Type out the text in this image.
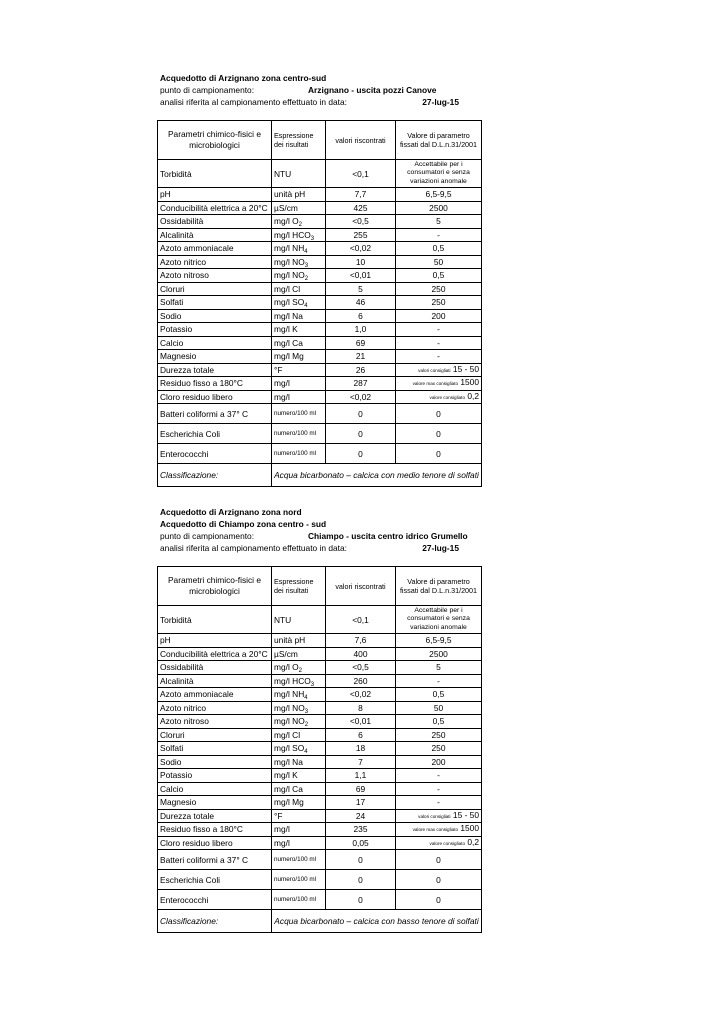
Acquedotto di Arzignano zona centro-sud
punto di campionamento:	Arzignano - uscita pozzi Canove
analisi riferita al campionamento effettuato in data:	27-lug-15
Parametri chimico-fisici e microbiologici	Espressione dei risultati	valori riscontrati	Valore di parametro fissati dal D.L.n.31/2001
Torbidità	NTU	<0,1	Accettabile per i consumatori e senza variazioni anomale
pH	unità pH	7,7	6,5-9,5
Conducibilità elettrica a 20°C	µS/cm	425	2500
Ossidabilità	mg/l $O_2$	<0,5	5
Alcalinità	mg/l $HCO_3$	255	-
Azoto ammoniacale	mg/l $NH_4$	<0,02	0,5
Azoto nitrico	mg/l $NO_3$	10	50
Azoto nitroso	mg/l $NO_2$	<0,01	0,5
Cloruri	mg/l Cl	5	250
Solfati	mg/l $SO_4$	46	250
Sodio	mg/l Na	6	200
Potassio	mg/l K	1,0	-
Calcio	mg/l Ca	69	-
Magnesio	mg/l Mg	21	-
Durezza totale	°F	26	valori consigliati 15 - 50
Residuo fisso a 180°C	mg/l	287	valore max consigliato 1500
Cloro residuo libero	mg/l	<0,02	valore consigliato 0,2
Batteri coliformi a 37° C	numero/100 ml	0	0
Escherichia Coli	numero/100 ml	0	0
Enterococchi	numero/100 ml	0	0
Classificazione:	Acqua bicarbonato – calcica con medio tenore di solfati		
Acquedotto di Arzignano zona nord
Acquedotto di Chiampo zona centro - sud
punto di campionamento:	Chiampo - uscita centro idrico Grumello
analisi riferita al campionamento effettuato in data:	27-lug-15
Parametri chimico-fisici e microbiologici	Espressione dei risultati	valori riscontrati	Valore di parametro fissati dal D.L.n.31/2001
Torbidità	NTU	<0,1	Accettabile per i consumatori e senza variazioni anomale
pH	unità pH	7,6	6,5-9,5
Conducibilità elettrica a 20°C	µS/cm	400	2500
Ossidabilità	mg/l $O_2$	<0,5	5
Alcalinità	mg/l $HCO_3$	260	-
Azoto ammoniacale	mg/l $NH_4$	<0,02	0,5
Azoto nitrico	mg/l $NO_3$	8	50
Azoto nitroso	mg/l $NO_2$	<0,01	0,5
Cloruri	mg/l Cl	6	250
Solfati	mg/l $SO_4$	18	250
Sodio	mg/l Na	7	200
Potassio	mg/l K	1,1	-
Calcio	mg/l Ca	69	-
Magnesio	mg/l Mg	17	-
Durezza totale	°F	24	valori consigliati 15 - 50
Residuo fisso a 180°C	mg/l	235	valore max consigliato 1500
Cloro residuo libero	mg/l	0,05	valore consigliato 0,2
Batteri coliformi a 37° C	numero/100 ml	0	0
Escherichia Coli	numero/100 ml	0	0
Enterococchi	numero/100 ml	0	0
Classificazione:	Acqua bicarbonato – calcica con basso tenore di solfati		
